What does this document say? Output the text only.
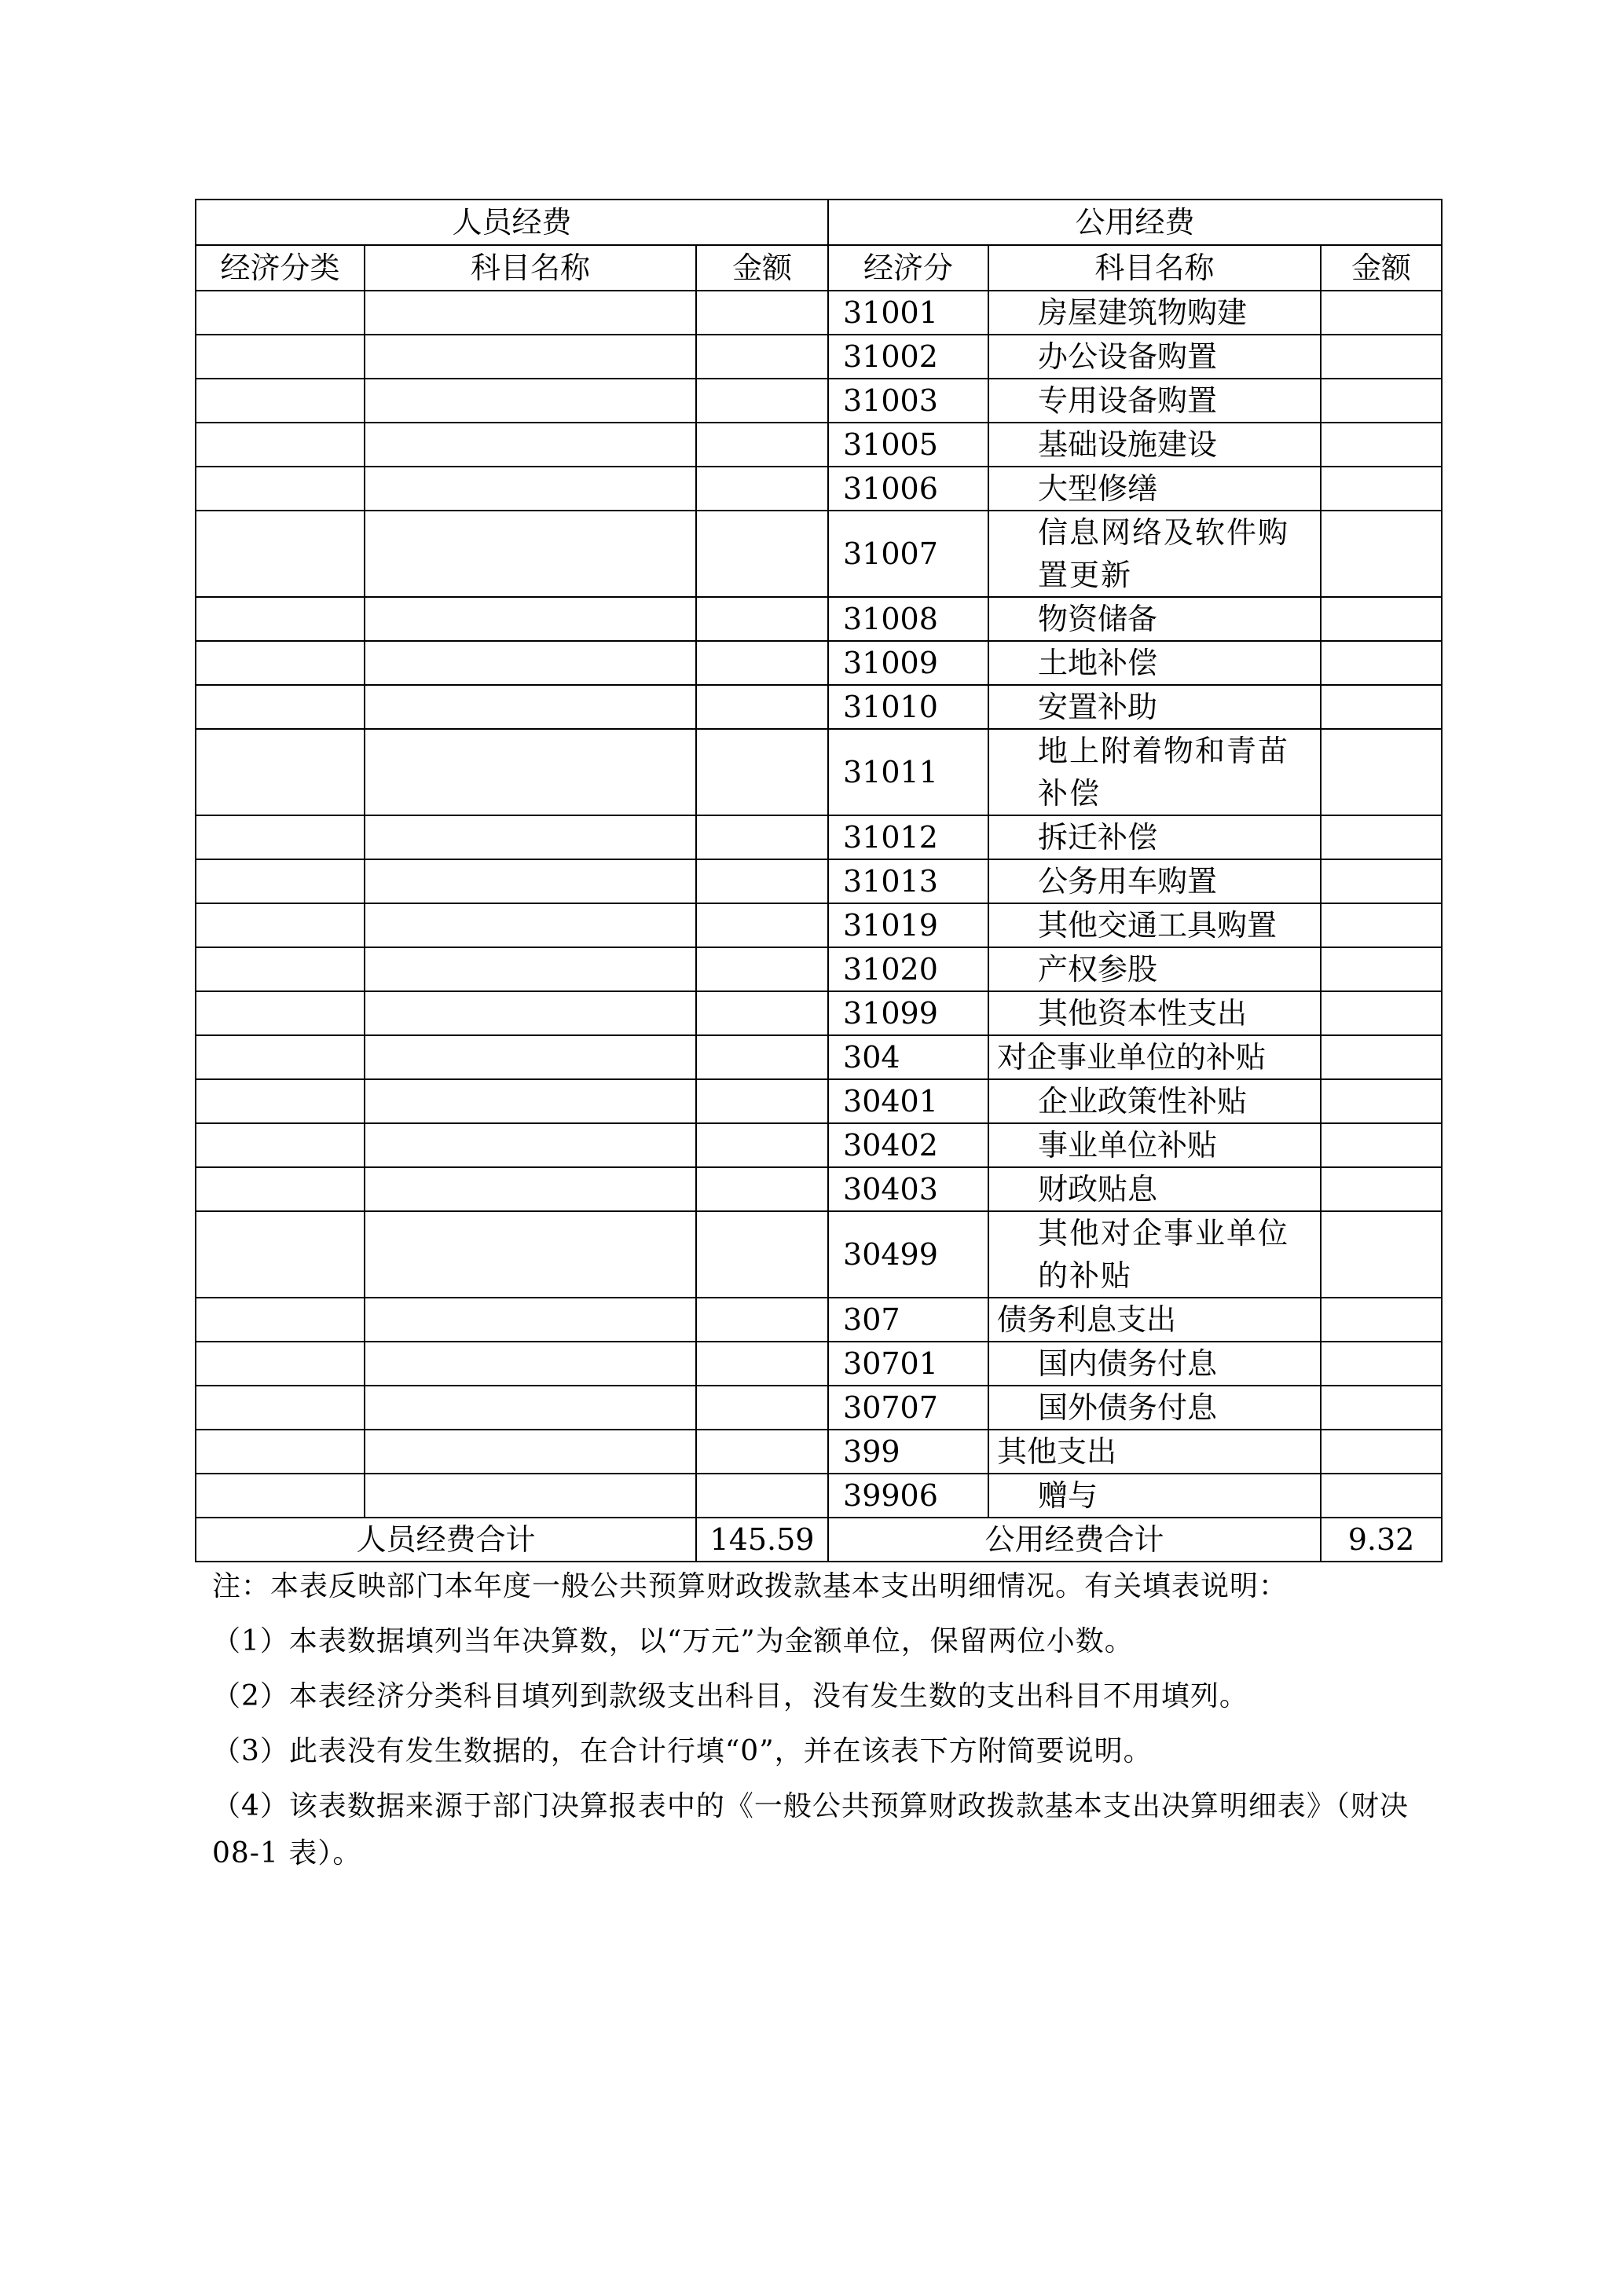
人员经费			公用经费		
经济分类	科目名称	金额	经济分	科目名称	金额
			31001	房屋建筑物购建	
			31002	办公设备购置	
			31003	专用设备购置	
			31005	基础设施建设	
			31006	大型修缮	
			31007	信息网络及软件购置更新	
			31008	物资储备	
			31009	土地补偿	
			31010	安置补助	
			31011	地上附着物和青苗补偿	
			31012	拆迁补偿	
			31013	公务用车购置	
			31019	其他交通工具购置	
			31020	产权参股	
			31099	其他资本性支出	
			304	对企事业单位的补贴	
			30401	企业政策性补贴	
			30402	事业单位补贴	
			30403	财政贴息	
			30499	其他对企事业单位的补贴	
			307	债务利息支出	
			30701	国内债务付息	
			30707	国外债务付息	
			399	其他支出	
			39906	赠与	
人员经费合计		145.59	公用经费合计		9.32

注：本表反映部门本年度一般公共预算财政拨款基本支出明细情况。有关填表说明：

（1）本表数据填列当年决算数，以“万元”为金额单位，保留两位小数。

（2）本表经济分类科目填列到款级支出科目，没有发生数的支出科目不用填列。

（3）此表没有发生数据的，在合计行填“0”，并在该表下方附简要说明。

（4）该表数据来源于部门决算报表中的《一般公共预算财政拨款基本支出决算明细表》（财决 08-1 表）。
